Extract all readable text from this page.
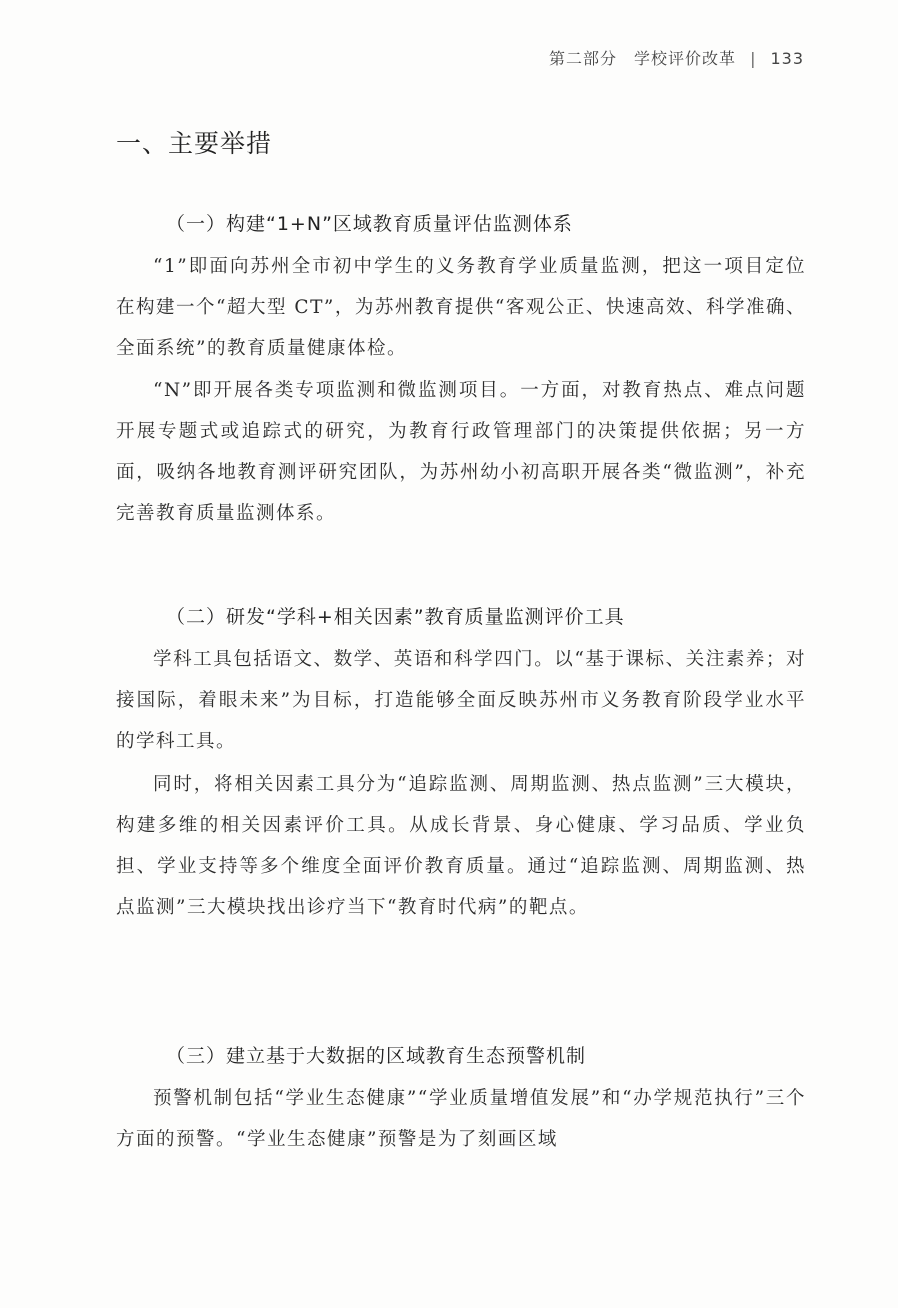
第二部分  学校评价改革 | 133
一、主要举措
（一）构建“1+N”区域教育质量评估监测体系

“1”即面向苏州全市初中学生的义务教育学业质量监测，把这一项目定位在构建一个“超大型 CT”，为苏州教育提供“客观公正、快速高效、科学准确、全面系统”的教育质量健康体检。

“N”即开展各类专项监测和微监测项目。一方面，对教育热点、难点问题开展专题式或追踪式的研究，为教育行政管理部门的决策提供依据；另一方面，吸纳各地教育测评研究团队，为苏州幼小初高职开展各类“微监测”，补充完善教育质量监测体系。

（二）研发“学科+相关因素”教育质量监测评价工具

学科工具包括语文、数学、英语和科学四门。以“基于课标、关注素养；对接国际，着眼未来”为目标，打造能够全面反映苏州市义务教育阶段学业水平的学科工具。

同时，将相关因素工具分为“追踪监测、周期监测、热点监测”三大模块，构建多维的相关因素评价工具。从成长背景、身心健康、学习品质、学业负担、学业支持等多个维度全面评价教育质量。通过“追踪监测、周期监测、热点监测”三大模块找出诊疗当下“教育时代病”的靶点。

（三）建立基于大数据的区域教育生态预警机制

预警机制包括“学业生态健康”“学业质量增值发展”和“办学规范执行”三个方面的预警。“学业生态健康”预警是为了刻画区域
